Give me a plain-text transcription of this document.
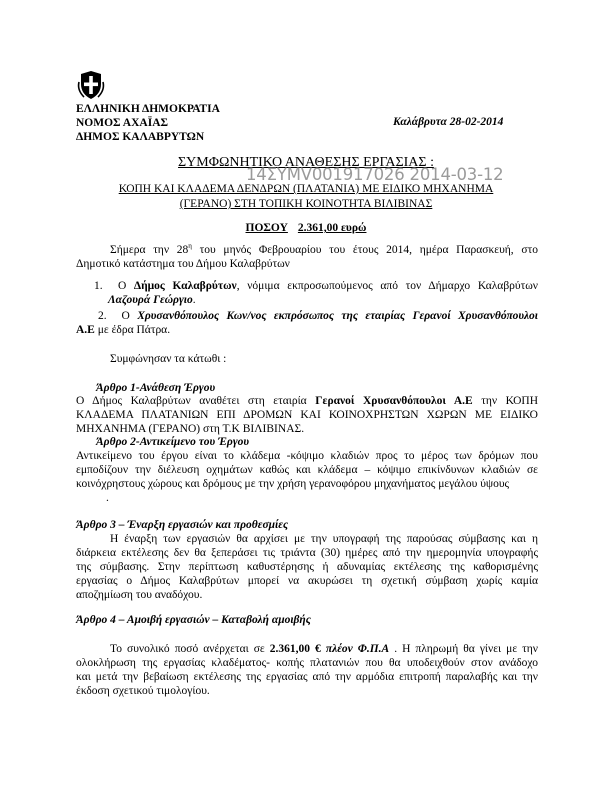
ΕΛΛΗΝΙΚΗ ΔΗΜΟΚΡΑΤΙΑ
ΝΟΜΟΣ ΑΧΑΪΑΣ
ΔΗΜΟΣ ΚΑΛΑΒΡΥΤΩΝ
Καλάβρυτα 28-02-2014
ΣΥΜΦΩΝΗΤΙΚΟ ΑΝΑΘΕΣΗΣ ΕΡΓΑΣΙΑΣ :
14ΣΥΜV001917026 2014-03-12
ΚΟΠΗ ΚΑΙ ΚΛΑΔΕΜΑ ΔΕΝΔΡΩΝ (ΠΛΑΤΑΝΙΑ) ΜΕ ΕΙΔΙΚΟ ΜΗΧΑΝΗΜΑ
(ΓΕΡΑΝΟ) ΣΤΗ ΤΟΠΙΚΗ ΚΟΙΝΟΤΗΤΑ ΒΙΛΙΒΙΝΑΣ
ΠΟΣΟΥ 2.361,00 ευρώ
Σήμερα την $28^\eta$ του μηνός Φεβρουαρίου του έτους 2014, ημέρα Παρασκευή, στο
Δημοτικό κατάστημα του Δήμου Καλαβρύτων
1. Ο Δήμος Καλαβρύτων, νόμιμα εκπροσωπούμενος από τον Δήμαρχο Καλαβρύτων
Λαζουρά Γεώργιο.
2. Ο Χρυσανθόπουλος Κων/νος εκπρόσωπος της εταιρίας Γερανοί Χρυσανθόπουλοι
Α.Ε με έδρα Πάτρα.
Συμφώνησαν τα κάτωθι :
Άρθρο 1-Ανάθεση Έργου
Ο Δήμος Καλαβρύτων αναθέτει στη εταιρία Γερανοί Χρυσανθόπουλοι Α.Ε την ΚΟΠΗ
ΚΛΑΔΕΜΑ ΠΛΑΤΑΝΙΩΝ ΕΠΙ ΔΡΟΜΩΝ ΚΑΙ ΚΟΙΝΟΧΡΗΣΤΩΝ ΧΩΡΩΝ ΜΕ ΕΙΔΙΚΟ
ΜΗΧΑΝΗΜΑ (ΓΕΡΑΝΟ) στη Τ.Κ ΒΙΛΙΒΙΝΑΣ.
Άρθρο 2-Αντικείμενο του Έργου
Αντικείμενο του έργου είναι το κλάδεμα -κόψιμο κλαδιών προς το μέρος των δρόμων που
εμποδίζουν την διέλευση οχημάτων καθώς και κλάδεμα – κόψιμο επικίνδυνων κλαδιών σε
κοινόχρηστους χώρους και δρόμους με την χρήση γερανοφόρου μηχανήματος μεγάλου ύψους
.
Άρθρο 3 – Έναρξη εργασιών και προθεσμίες
Η έναρξη των εργασιών θα αρχίσει με την υπογραφή της παρούσας σύμβασης και η
διάρκεια εκτέλεσης δεν θα ξεπεράσει τις τριάντα (30) ημέρες από την ημερομηνία υπογραφής
της σύμβασης. Στην περίπτωση καθυστέρησης ή αδυναμίας εκτέλεσης της καθορισμένης
εργασίας ο Δήμος Καλαβρύτων μπορεί να ακυρώσει τη σχετική σύμβαση χωρίς καμία
αποζημίωση του αναδόχου.
Άρθρο 4 – Αμοιβή εργασιών – Καταβολή αμοιβής
Το συνολικό ποσό ανέρχεται σε 2.361,00 € πλέον Φ.Π.Α . Η πληρωμή θα γίνει με την
ολοκλήρωση της εργασίας κλαδέματος- κοπής πλατανιών που θα υποδειχθούν στον ανάδοχο
και μετά την βεβαίωση εκτέλεσης της εργασίας από την αρμόδια επιτροπή παραλαβής και την
έκδοση σχετικού τιμολογίου.
